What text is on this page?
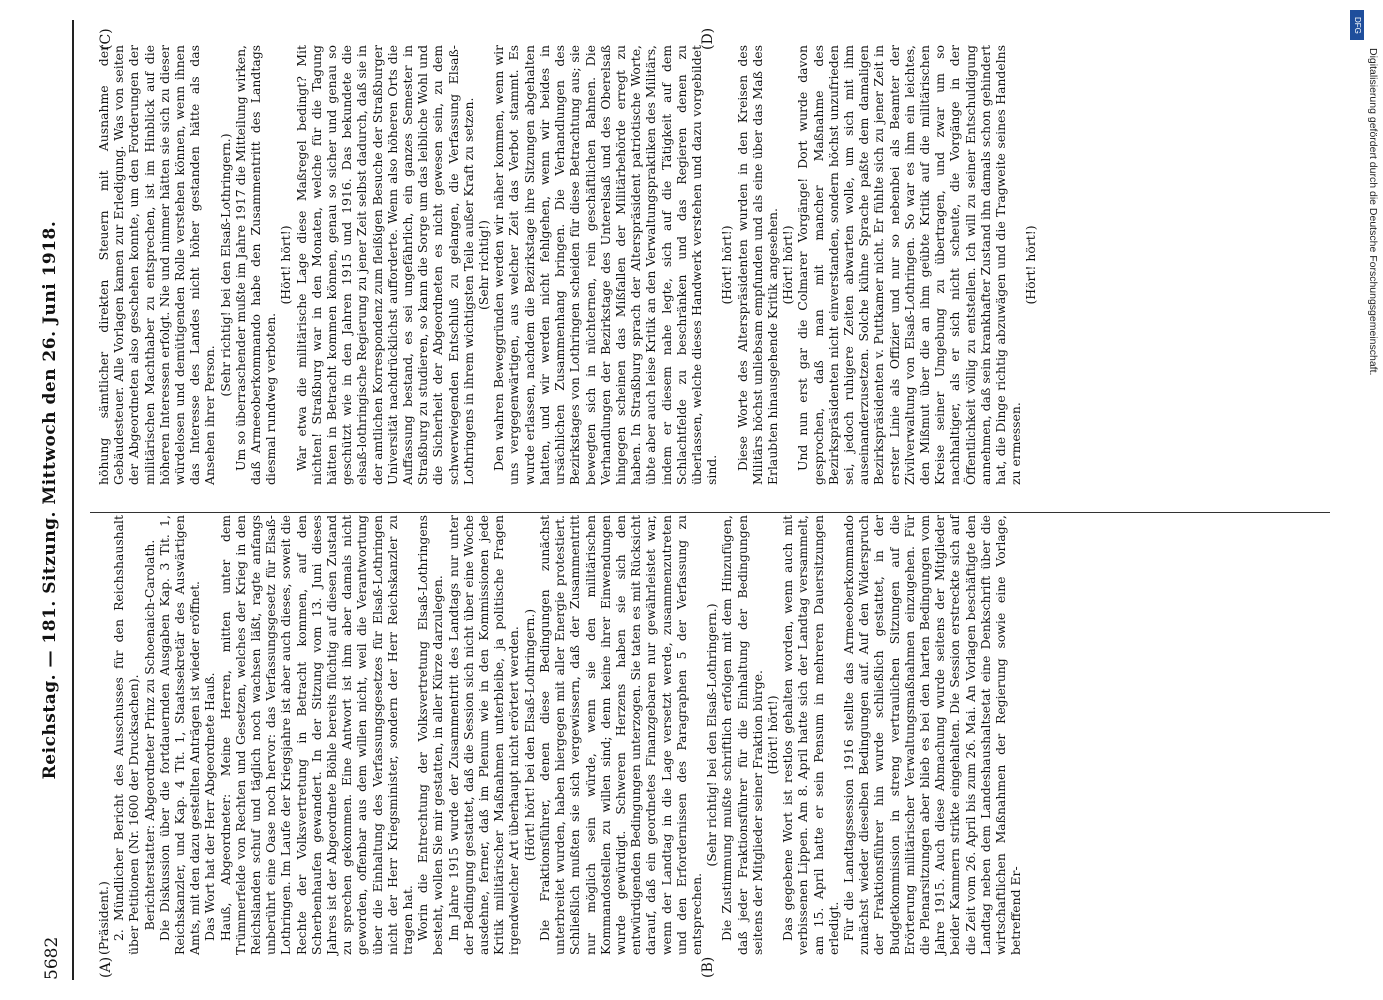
5682
Reichstag. — 181. Sitzung. Mittwoch den 26. Juni 1918.
(A)	(B)
(C)	(D)

(Präsident.) 2. Mündlicher Bericht des Ausschusses für den Reichshaushalt über Petitionen (Nr. 1600 der Drucksachen). Berichterstatter: Abgeordneter Prinz zu Schoenaich-Carolath. Die Diskussion über die fortdauernden Ausgaben Kap. 3 Tit. 1, Reichskanzler, und Kap. 4 Tit. 1, Staatssekretär des Auswärtigen Amts, mit den dazu gestellten Anträgen ist wieder eröffnet. Das Wort hat der Herr Abgeordnete Hauß. Hauß, Abgeordneter: Meine Herren, mitten unter dem Trümmerfelde von Rechten und Gesetzen, welches der Krieg in den Reichslanden schuf und täglich noch wachsen läßt, ragte anfangs unberührt eine Oase noch hervor: das Verfassungsgesetz für Elsaß-Lothringen. Im Laufe der Kriegsjahre ist aber auch dieses, soweit die Rechte der Volksvertretung in Betracht kommen, auf den Scherbenhaufen gewandert. In der Sitzung vom 13. Juni dieses Jahres ist der Abgeordnete Böhle bereits flüchtig auf diesen Zustand zu sprechen gekommen. Eine Antwort ist ihm aber damals nicht geworden, offenbar aus dem willen nicht, weil die Verantwortung über die Einhaltung des Verfassungsgesetzes für Elsaß-Lothringen nicht der Herr Kriegsminister, sondern der Herr Reichskanzler zu tragen hat. Worin die Entrechtung der Volksvertretung Elsaß-Lothringens besteht, wollen Sie mir gestatten, in aller Kürze darzulegen. Im Jahre 1915 wurde der Zusammentritt des Landtags nur unter der Bedingung gestattet, daß die Session sich nicht über eine Woche ausdehne, ferner, daß im Plenum wie in den Kommissionen jede Kritik militärischer Maßnahmen unterbleibe, ja politische Fragen irgendwelcher Art überhaupt nicht erörtert werden. (Hört! hört! bei den Elsaß-Lothringern.) Die Fraktionsführer, denen diese Bedingungen zunächst unterbreitet wurden, haben hiergegen mit aller Energie protestiert. Schließlich mußten sie sich vergewissern, daß der Zusammentritt nur möglich sein würde, wenn sie den militärischen Kommandostellen zu willen sind; denn keine ihrer Einwendungen wurde gewürdigt. Schweren Herzens haben sie sich den entwürdigenden Bedingungen unterzogen. Sie taten es mit Rücksicht darauf, daß ein geordnetes Finanzgebaren nur gewährleistet war, wenn der Landtag in die Lage versetzt werde, zusammenzutreten und den Erfordernissen des Paragraphen 5 der Verfassung zu entsprechen.

(Sehr richtig! bei den Elsaß-Lothringern.) Die Zustimmung mußte schriftlich erfolgen mit dem Hinzufügen, daß jeder Fraktionsführer für die Einhaltung der Bedingungen seitens der Mitglieder seiner Fraktion bürge. (Hört! hört!) Das gegebene Wort ist restlos gehalten worden, wenn auch mit verbissenen Lippen. Am 8. April hatte sich der Landtag versammelt, am 15. April hatte er sein Pensum in mehreren Dauersitzungen erledigt. Für die Landtagssession 1916 stellte das Armeeoberkommando zunächst wieder dieselben Bedingungen auf. Auf den Widerspruch der Fraktionsführer hin wurde schließlich gestattet, in der Budgetkommission in streng vertraulichen Sitzungen auf die Erörterung militärischer Verwaltungsmaßnahmen einzugehen. Für die Plenarsitzungen aber blieb es bei den harten Bedingungen vom Jahre 1915. Auch diese Abmachung wurde seitens der Mitglieder beider Kammern strikte eingehalten. Die Session erstreckte sich auf die Zeit vom 26. April bis zum 26. Mai. An Vorlagen beschäftigte den Landtag neben dem Landeshaushaltsetat eine Denkschrift über die wirtschaftlichen Maßnahmen der Regierung sowie eine Vorlage, betreffend Er-

höhung sämtlicher direkten Steuern mit Ausnahme der Gebäudesteuer. Alle Vorlagen kamen zur Erledigung. Was von seiten der Abgeordneten also geschehen konnte, um den Forderungen der militärischen Machthaber zu entsprechen, ist im Hinblick auf die höheren Interessen erfolgt. Nie und nimmer hätten sie sich zu dieser würdelosen und demütigenden Rolle verstehen können, wenn ihnen das Interesse des Landes nicht höher gestanden hätte als das Ansehen ihrer Person.

(Sehr richtig! bei den Elsaß-Lothringern.) Um so überraschender mußte im Jahre 1917 die Mitteilung wirken, daß Armeeoberkommando habe den Zusammentritt des Landtags diesmal rundweg verboten.

(Hört! hört!) War etwa die militärische Lage diese Maßregel bedingt? Mit nichten! Straßburg war in den Monaten, welche für die Tagung hätten in Betracht kommen können, genau so sicher und genau so geschützt wie in den Jahren 1915 und 1916. Das bekundete die elsaß-lothringische Regierung zu jener Zeit selbst dadurch, daß sie in der amtlichen Korrespondenz zum fleißigen Besuche der Straßburger Universität nachdrücklichst aufforderte. Wenn also höheren Orts die Auffassung bestand, es sei ungefährlich, ein ganzes Semester in Straßburg zu studieren, so kann die Sorge um das leibliche Wohl und die Sicherheit der Abgeordneten es nicht gewesen sein, zu dem schwerwiegenden Entschluß zu gelangen, die Verfassung Elsaß-Lothringens in ihrem wichtigsten Teile außer Kraft zu setzen. (Sehr richtig!) Den wahren Beweggründen werden wir näher kommen, wenn wir uns vergegenwärtigen, aus welcher Zeit das Verbot stammt. Es wurde erlassen, nachdem die Bezirkstage ihre Sitzungen abgehalten hatten, und wir werden nicht fehlgehen, wenn wir beides in ursächlichen Zusammenhang bringen. Die Verhandlungen des Bezirkstages von Lothringen scheiden für diese Betrachtung aus; sie bewegten sich in nüchternen, rein geschäftlichen Bahnen. Die Verhandlungen der Bezirkstage des Unterelsaß und des Oberelsaß hingegen scheinen das Mißfallen der Militärbehörde erregt zu haben. In Straßburg sprach der Alterspräsident patriotische Worte, übte aber auch leise Kritik an den Verwaltungspraktiken des Militärs, indem er diesem nahe legte, sich auf die Tätigkeit auf dem Schlachtfelde zu beschränken und das Regieren denen zu überlassen, welche dieses Handwerk verstehen und dazu vorgebildet sind.

(Hört! hört!) Diese Worte des Alterspräsidenten wurden in den Kreisen des Militärs höchst unliebsam empfunden und als eine über das Maß des Erlaubten hinausgehende Kritik angesehen. (Hört! hört!) Und nun erst gar die Colmarer Vorgänge! Dort wurde davon gesprochen, daß man mit mancher Maßnahme des Bezirkspräsidenten nicht einverstanden, sondern höchst unzufrieden sei, jedoch ruhigere Zeiten abwarten wolle, um sich mit ihm auseinanderzusetzen. Solche kühne Sprache paßte dem damaligen Bezirkspräsidenten v. Puttkamer nicht. Er fühlte sich zu jener Zeit in erster Linie als Offizier und nur so nebenbei als Beamter der Zivilverwaltung von Elsaß-Lothringen. So war es ihm ein leichtes, den Mißmut über die an ihm geübte Kritik auf die militärischen Kreise seiner Umgebung zu übertragen, und zwar um so nachhaltiger, als er sich nicht scheute, die Vorgänge in der Öffentlichkeit völlig zu entstellen. Ich will zu seiner Entschuldigung annehmen, daß sein krankhafter Zustand ihn damals schon gehindert hat, die Dinge richtig abzuwägen und die Tragweite seines Handelns zu ermessen.

(Hört! hört!)

DFG
Digitalisierung gefördert durch die Deutsche Forschungsgemeinschaft.
